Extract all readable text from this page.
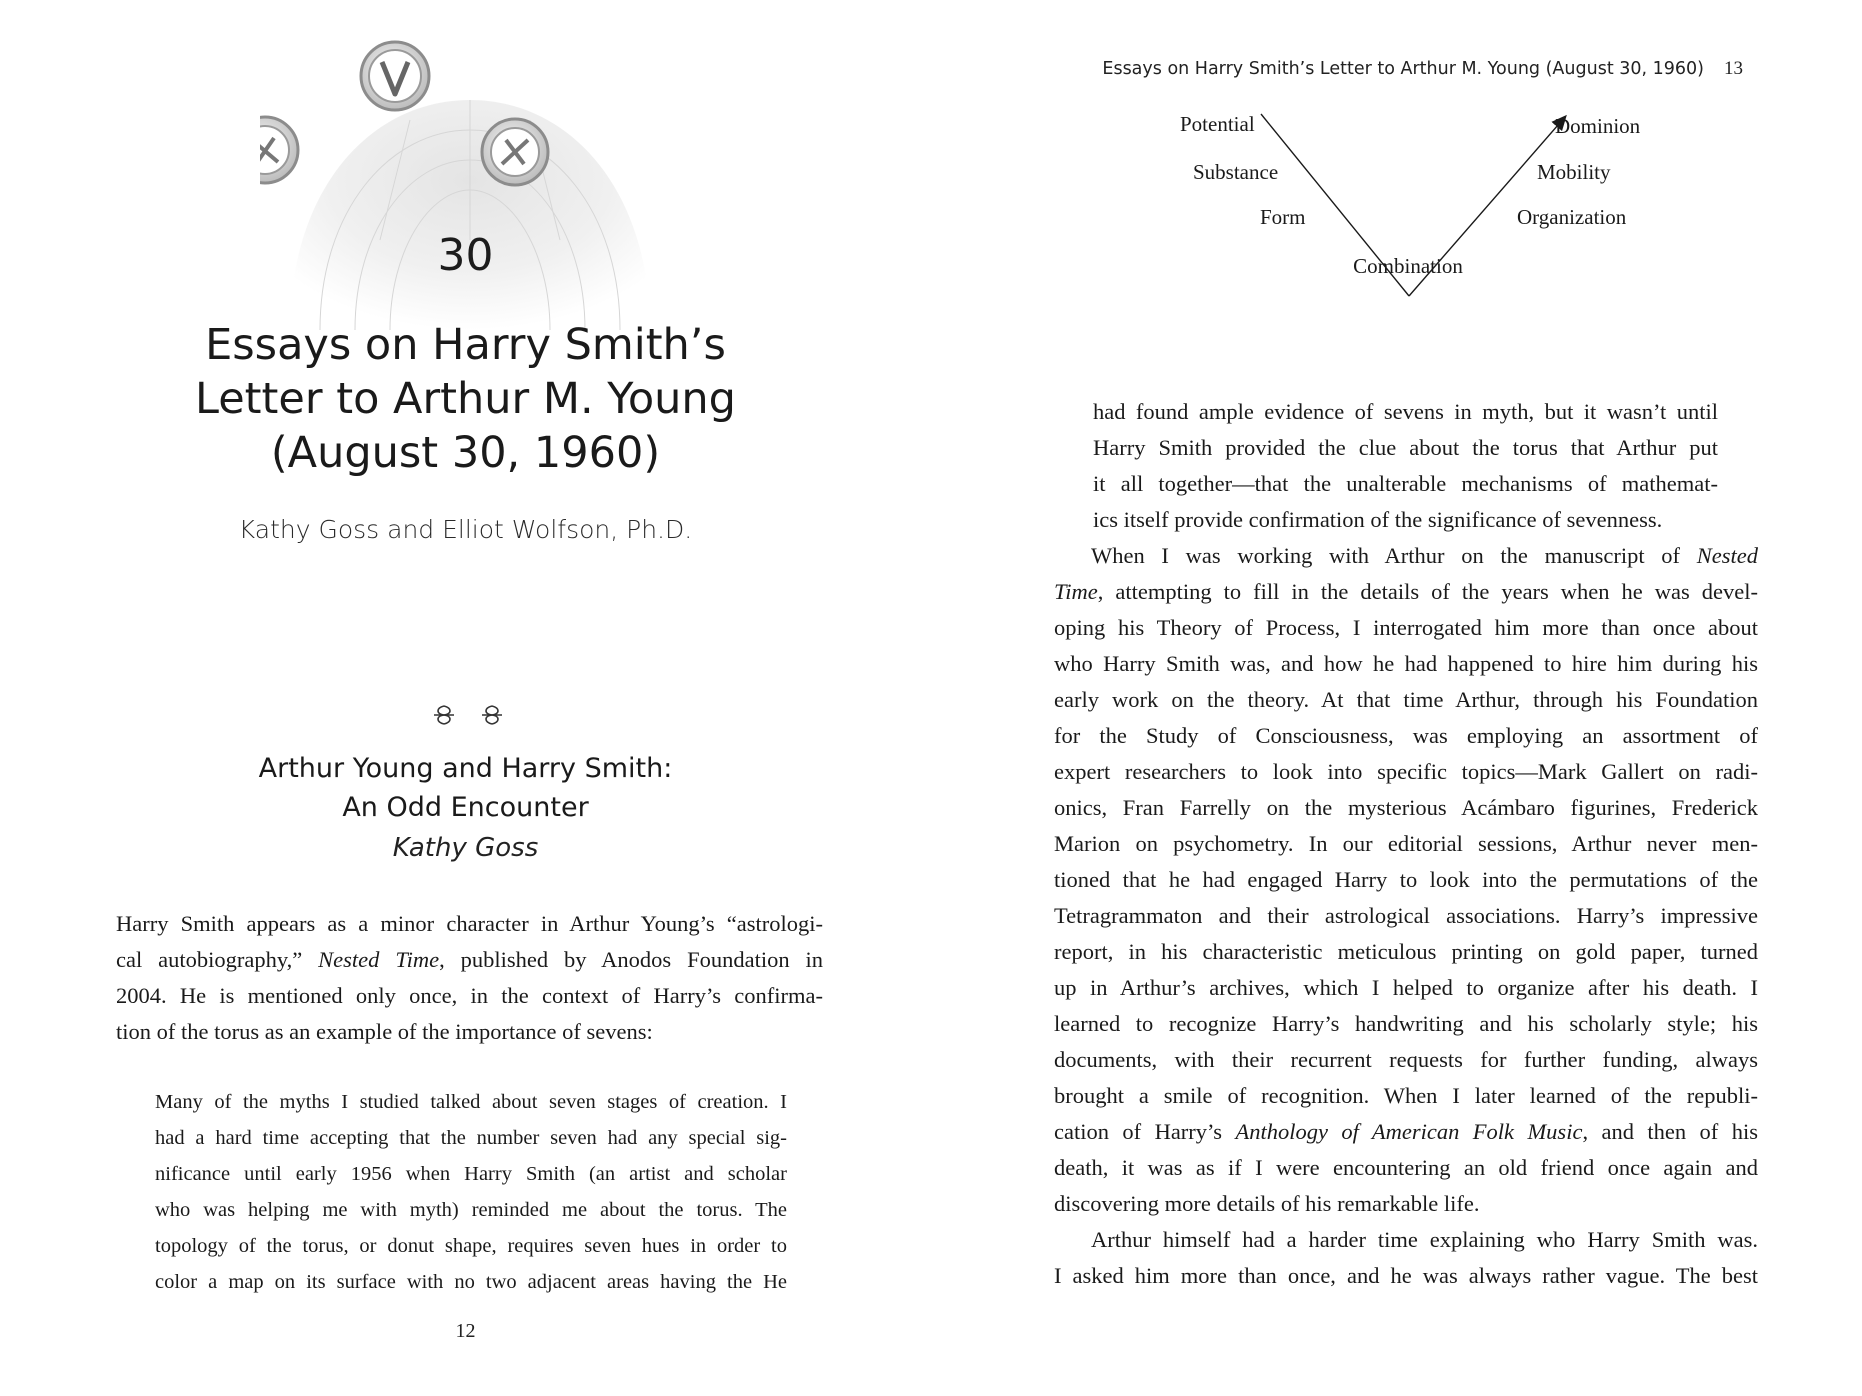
30
Essays on Harry Smith’s
Letter to Arthur M. Young
(August 30, 1960)
Kathy Goss and Elliot Wolfson, Ph.D.
Arthur Young and Harry Smith:
An Odd Encounter
Kathy Goss
Harry Smith appears as a minor character in Arthur Young’s “astrologi-
cal autobiography,” Nested Time, published by Anodos Foundation in
2004. He is mentioned only once, in the context of Harry’s confirma-
tion of the torus as an example of the importance of sevens:
Many of the myths I studied talked about seven stages of creation. I
had a hard time accepting that the number seven had any special sig-
nificance until early 1956 when Harry Smith (an artist and scholar
who was helping me with myth) reminded me about the torus. The
topology of the torus, or donut shape, requires seven hues in order to
color a map on its surface with no two adjacent areas having the He
12
Essays on Harry Smith’s Letter to Arthur M. Young (August 30, 1960) 13
Potential
Substance
Form
Combination
Dominion
Mobility
Organization
had found ample evidence of sevens in myth, but it wasn’t until
Harry Smith provided the clue about the torus that Arthur put
it all together—that the unalterable mechanisms of mathemat-
ics itself provide confirmation of the significance of sevenness.
When I was working with Arthur on the manuscript of Nested
Time, attempting to fill in the details of the years when he was devel-
oping his Theory of Process, I interrogated him more than once about
who Harry Smith was, and how he had happened to hire him during his
early work on the theory. At that time Arthur, through his Foundation
for the Study of Consciousness, was employing an assortment of
expert researchers to look into specific topics—Mark Gallert on radi-
onics, Fran Farrelly on the mysterious Acámbaro figurines, Frederick
Marion on psychometry. In our editorial sessions, Arthur never men-
tioned that he had engaged Harry to look into the permutations of the
Tetragrammaton and their astrological associations. Harry’s impressive
report, in his characteristic meticulous printing on gold paper, turned
up in Arthur’s archives, which I helped to organize after his death. I
learned to recognize Harry’s handwriting and his scholarly style; his
documents, with their recurrent requests for further funding, always
brought a smile of recognition. When I later learned of the republi-
cation of Harry’s Anthology of American Folk Music, and then of his
death, it was as if I were encountering an old friend once again and
discovering more details of his remarkable life.
Arthur himself had a harder time explaining who Harry Smith was.
I asked him more than once, and he was always rather vague. The best
